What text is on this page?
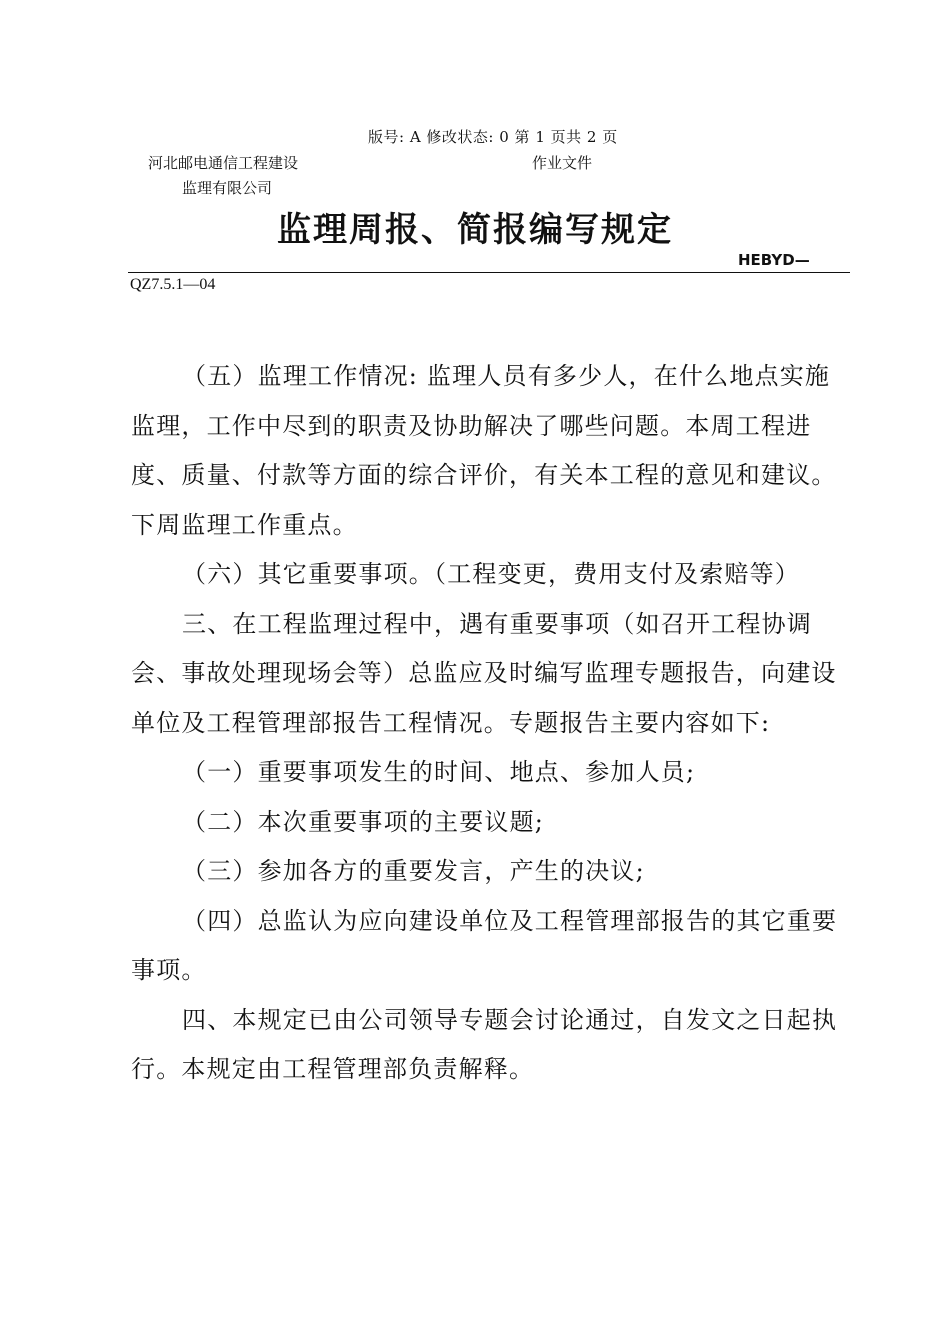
版号: A 修改状态: 0 第 1 页共 2 页
河北邮电通信工程建设	作业文件
监理有限公司
监理周报、简报编写规定
HEBYD—
QZ7.5.1—04

（五）监理工作情况: 监理人员有多少人，在什么地点实施监理，工作中尽到的职责及协助解决了哪些问题。本周工程进度、质量、付款等方面的综合评价，有关本工程的意见和建议。下周监理工作重点。

（六）其它重要事项。（工程变更，费用支付及索赔等）

三、在工程监理过程中，遇有重要事项（如召开工程协调会、事故处理现场会等）总监应及时编写监理专题报告，向建设单位及工程管理部报告工程情况。专题报告主要内容如下:

（一）重要事项发生的时间、地点、参加人员;

（二）本次重要事项的主要议题;

（三）参加各方的重要发言，产生的决议;

（四）总监认为应向建设单位及工程管理部报告的其它重要事项。

四、本规定已由公司领导专题会讨论通过，自发文之日起执行。本规定由工程管理部负责解释。
